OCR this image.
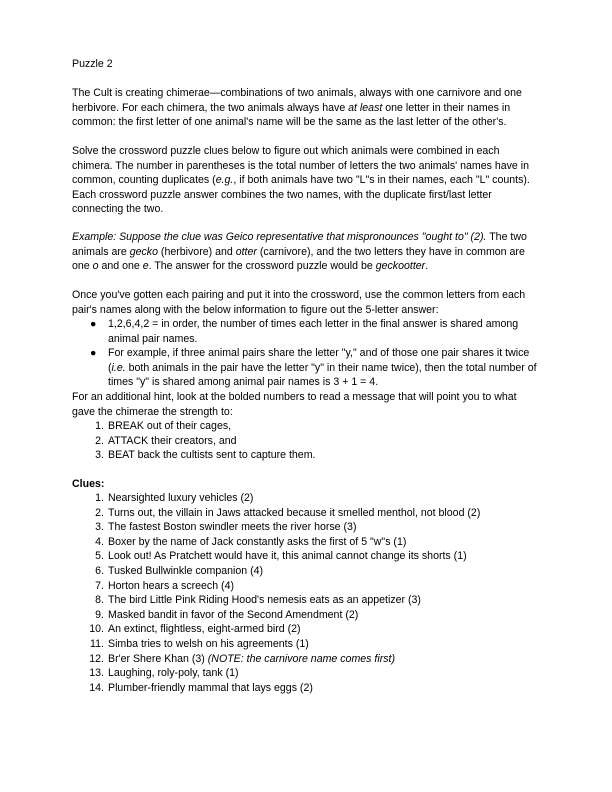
Puzzle 2

The Cult is creating chimerae—combinations of two animals, always with one carnivore and one herbivore. For each chimera, the two animals always have at least one letter in their names in common: the first letter of one animal's name will be the same as the last letter of the other's.

Solve the crossword puzzle clues below to figure out which animals were combined in each chimera. The number in parentheses is the total number of letters the two animals' names have in common, counting duplicates (e.g., if both animals have two "L"s in their names, each "L" counts). Each crossword puzzle answer combines the two names, with the duplicate first/last letter connecting the two.

Example: Suppose the clue was Geico representative that mispronounces "ought to" (2). The two animals are gecko (herbivore) and otter (carnivore), and the two letters they have in common are one o and one e. The answer for the crossword puzzle would be geckootter.

Once you've gotten each pairing and put it into the crossword, use the common letters from each pair's names along with the below information to figure out the 5-letter answer:

● 1,2,6,4,2 = in order, the number of times each letter in the final answer is shared among animal pair names.
● For example, if three animal pairs share the letter "y," and of those one pair shares it twice (i.e. both animals in the pair have the letter "y" in their name twice), then the total number of times "y" is shared among animal pair names is 3 + 1 = 4.

For an additional hint, look at the bolded numbers to read a message that will point you to what gave the chimerae the strength to:

1. BREAK out of their cages,
2. ATTACK their creators, and
3. BEAT back the cultists sent to capture them.

Clues:

1. Nearsighted luxury vehicles (2)
2. Turns out, the villain in Jaws attacked because it smelled menthol, not blood (2)
3. The fastest Boston swindler meets the river horse (3)
4. Boxer by the name of Jack constantly asks the first of 5 "w"s (1)
5. Look out! As Pratchett would have it, this animal cannot change its shorts (1)
6. Tusked Bullwinkle companion (4)
7. Horton hears a screech (4)
8. The bird Little Pink Riding Hood's nemesis eats as an appetizer (3)
9. Masked bandit in favor of the Second Amendment (2)
10. An extinct, flightless, eight-armed bird (2)
11. Simba tries to welsh on his agreements (1)
12. Br'er Shere Khan (3) (NOTE: the carnivore name comes first)
13. Laughing, roly-poly, tank (1)
14. Plumber-friendly mammal that lays eggs (2)
